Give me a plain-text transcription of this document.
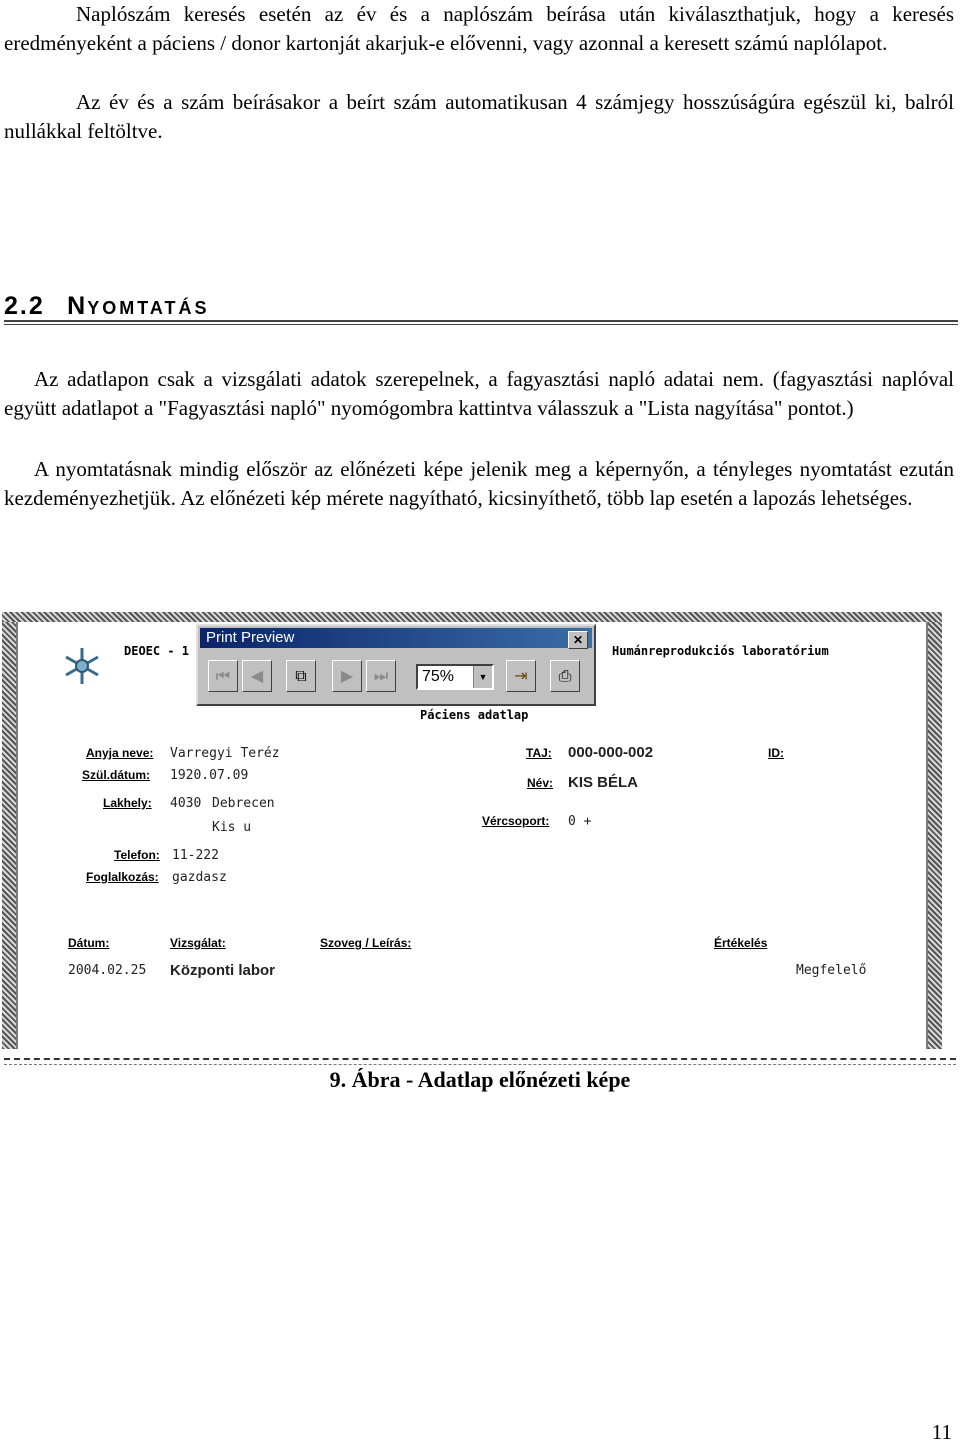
Naplószám keresés esetén az év és a naplószám beírása után kiválaszthatjuk, hogy a keresés eredményeként a páciens / donor kartonját akarjuk-e elővenni, vagy azonnal a keresett számú naplólapot.

Az év és a szám beírásakor a beírt szám automatikusan 4 számjegy hosszúságúra egészül ki, balról nullákkal feltöltve.

2.2 NYOMTATÁS

Az adatlapon csak a vizsgálati adatok szerepelnek, a fagyasztási napló adatai nem. (fagyasztási naplóval együtt adatlapot a "Fagyasztási napló" nyomógombra kattintva válasszuk a "Lista nagyítása" pontot.)

A nyomtatásnak mindig először az előnézeti képe jelenik meg a képernyőn, a tényleges nyomtatást ezután kezdeményezhetjük. Az előnézeti kép mérete nagyítható, kicsinyíthető, több lap esetén a lapozás lehetséges.

DEOEC - 1	Humánreprodukciós laboratórium
Páciens adatlap
Anyja neve:
Szül.dátum:
Lakhely:
Telefon:
Foglalkozás:
Varregyi Teréz
1920.07.09
4030 Debrecen
Kis u
11-222
gazdasz
TAJ:
Név:
Vércsoport:
ID:
000-000-002
KIS BÉLA
0 +
Dátum:	Vizsgálat:	Szoveg / Leírás:	Értékelés
2004.02.25 Központi labor	Megfelelő
Print Preview	✕
⏮	◀	⧉	▶	⏭	75%	▼	⇥	⎙
9. Ábra - Adatlap előnézeti képe
11
